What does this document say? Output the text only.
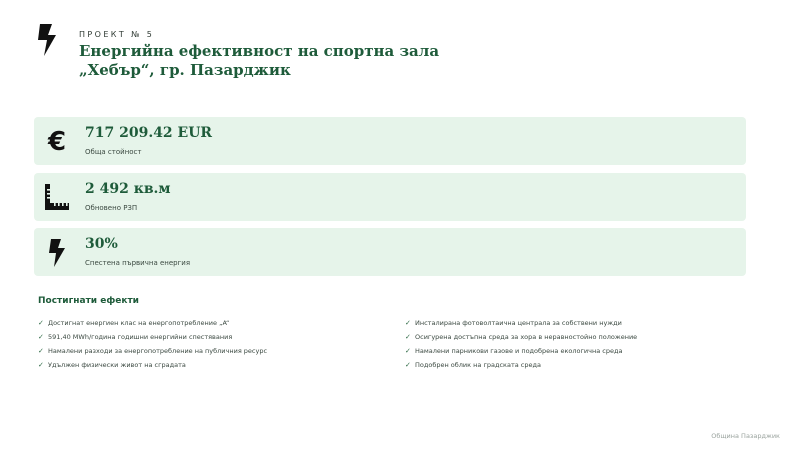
ПРОЕКТ № 5
Енергийна ефективност на спортна зала „Хебър“, гр. Пазарджик
€ 717 209.42 EUR
Обща стойност
2 492 кв.м
Обновено РЗП
30%
Спестена първична енергия
Постигнати ефекти
✓ Достигнат енергиен клас на енергопотребление „A“
✓ 591,40 MWh/година годишни енергийни спестявания
✓ Намалени разходи за енергопотребление на публичния ресурс
✓ Удължен физически живот на сградата
✓ Инсталирана фотоволтаична централа за собствени нужди
✓ Осигурена достъпна среда за хора в неравностойно положение
✓ Намалени парникови газове и подобрена екологична среда
✓ Подобрен облик на градската среда
Община Пазарджик
